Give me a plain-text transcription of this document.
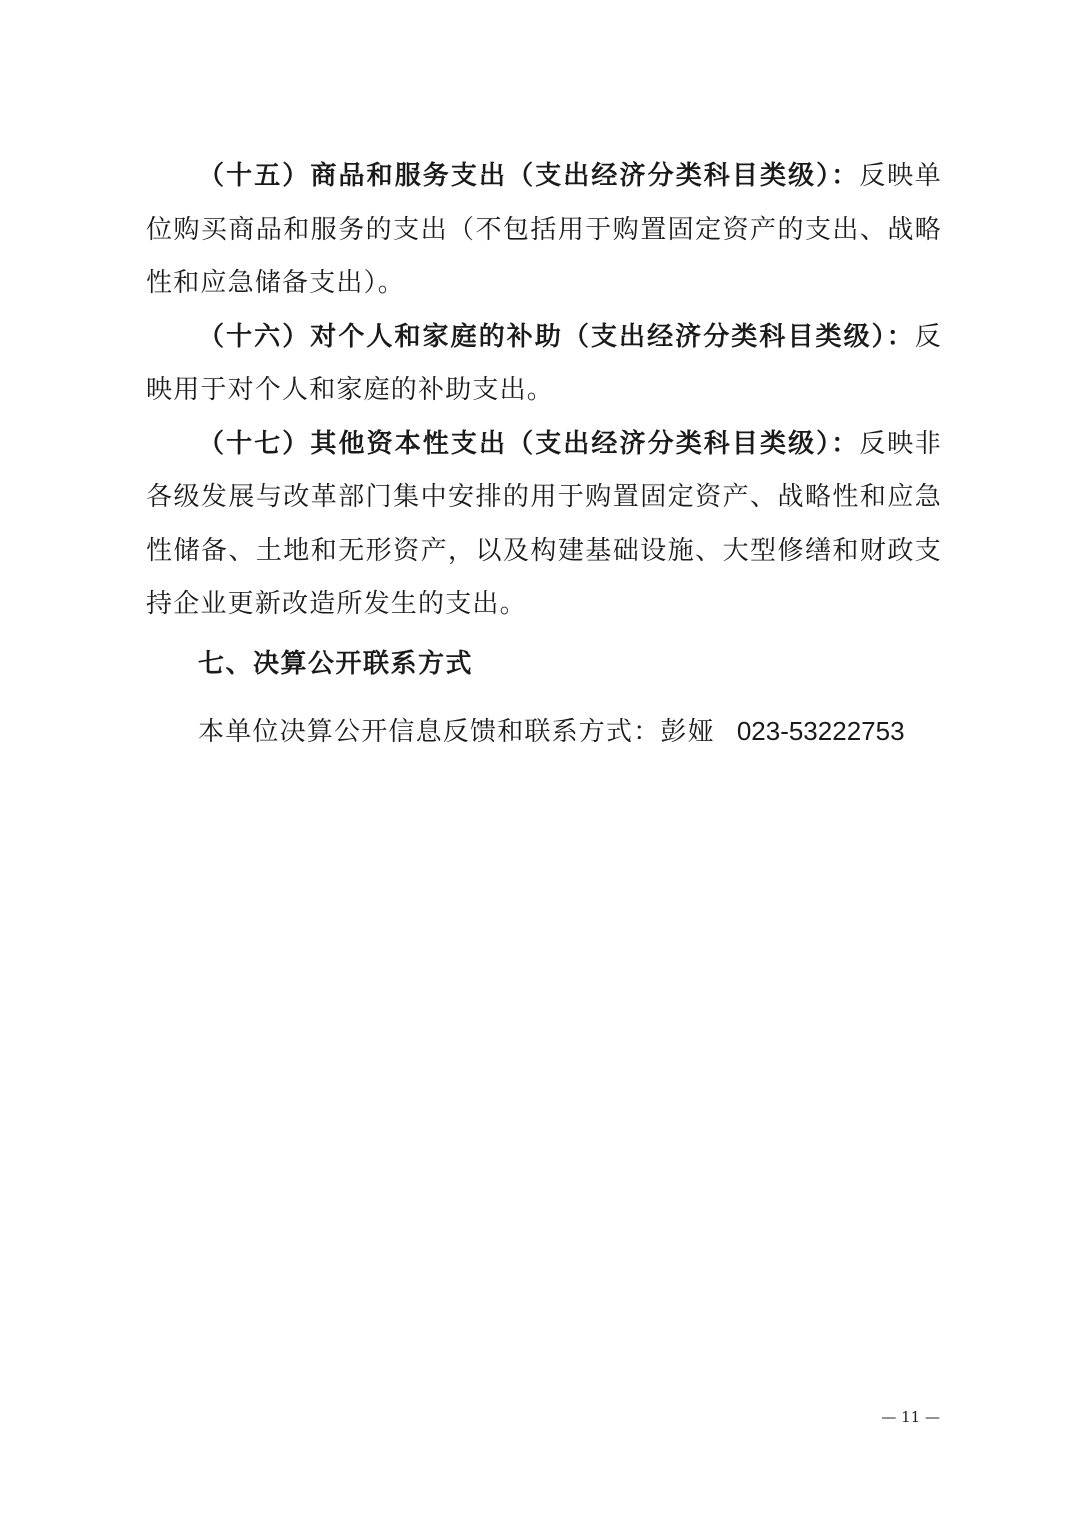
（十五）商品和服务支出（支出经济分类科目类级）：反映单位购买商品和服务的支出（不包括用于购置固定资产的支出、战略性和应急储备支出）。

（十六）对个人和家庭的补助（支出经济分类科目类级）：反映用于对个人和家庭的补助支出。

（十七）其他资本性支出（支出经济分类科目类级）：反映非各级发展与改革部门集中安排的用于购置固定资产、战略性和应急性储备、土地和无形资产，以及构建基础设施、大型修缮和财政支持企业更新改造所发生的支出。

七、决算公开联系方式

本单位决算公开信息反馈和联系方式：彭娅 023-53222753

— 11 —
